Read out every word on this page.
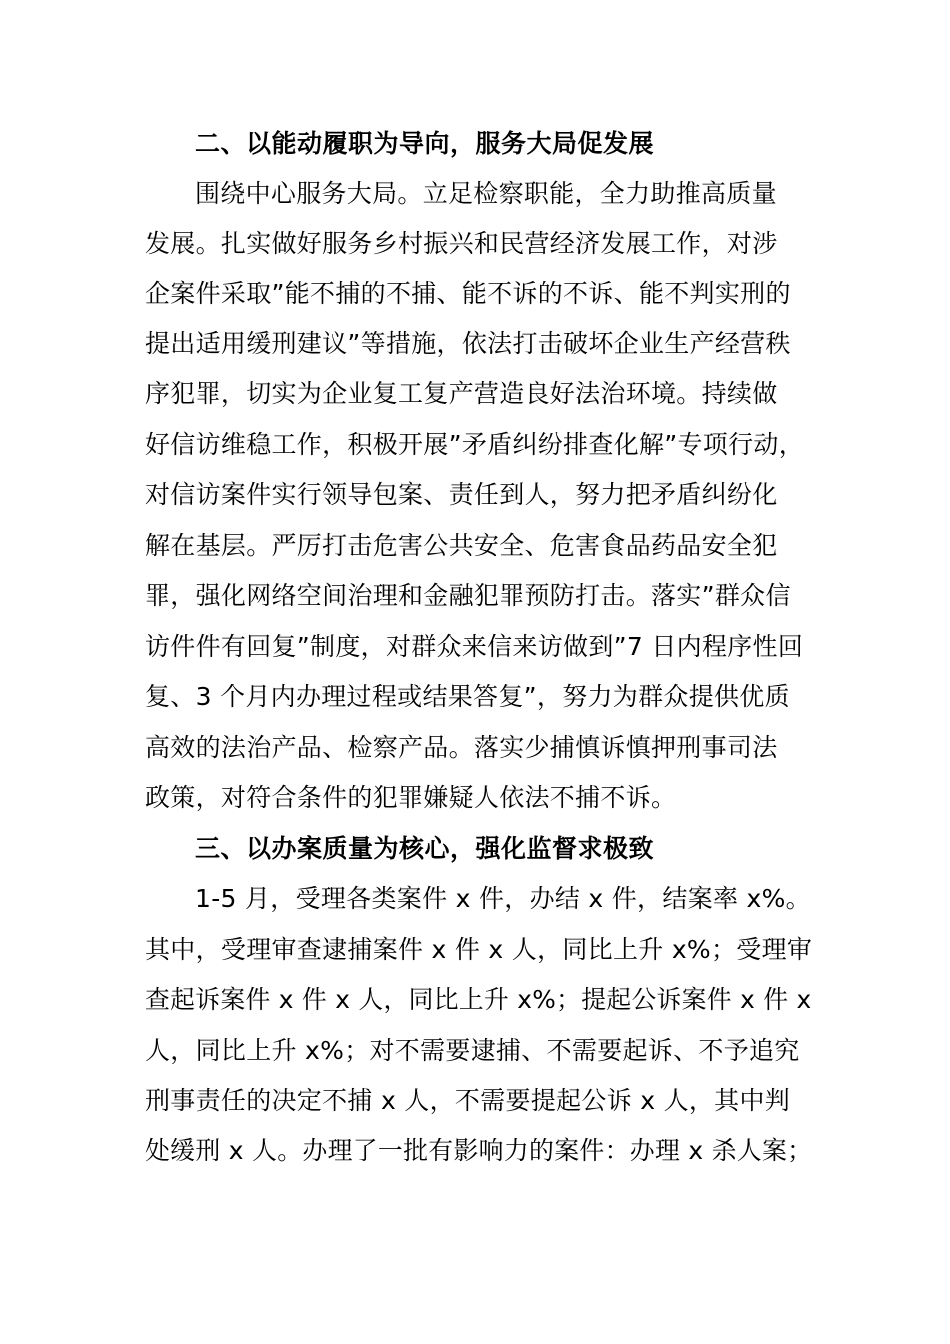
二、以能动履职为导向，服务大局促发展
围绕中心服务大局。立足检察职能，全力助推高质量
发展。扎实做好服务乡村振兴和民营经济发展工作，对涉
企案件采取”能不捕的不捕、能不诉的不诉、能不判实刑的
提出适用缓刑建议”等措施，依法打击破坏企业生产经营秩
序犯罪，切实为企业复工复产营造良好法治环境。持续做
好信访维稳工作，积极开展”矛盾纠纷排查化解”专项行动，
对信访案件实行领导包案、责任到人，努力把矛盾纠纷化
解在基层。严厉打击危害公共安全、危害食品药品安全犯
罪，强化网络空间治理和金融犯罪预防打击。落实”群众信
访件件有回复”制度，对群众来信来访做到”7 日内程序性回
复、3 个月内办理过程或结果答复”，努力为群众提供优质
高效的法治产品、检察产品。落实少捕慎诉慎押刑事司法
政策，对符合条件的犯罪嫌疑人依法不捕不诉。
三、以办案质量为核心，强化监督求极致
1-5 月，受理各类案件 x 件，办结 x 件，结案率 x%。
其中，受理审查逮捕案件 x 件 x 人，同比上升 x%；受理审
查起诉案件 x 件 x 人，同比上升 x%；提起公诉案件 x 件 x
人，同比上升 x%；对不需要逮捕、不需要起诉、不予追究
刑事责任的决定不捕 x 人，不需要提起公诉 x 人，其中判
处缓刑 x 人。办理了一批有影响力的案件：办理 x 杀人案；
